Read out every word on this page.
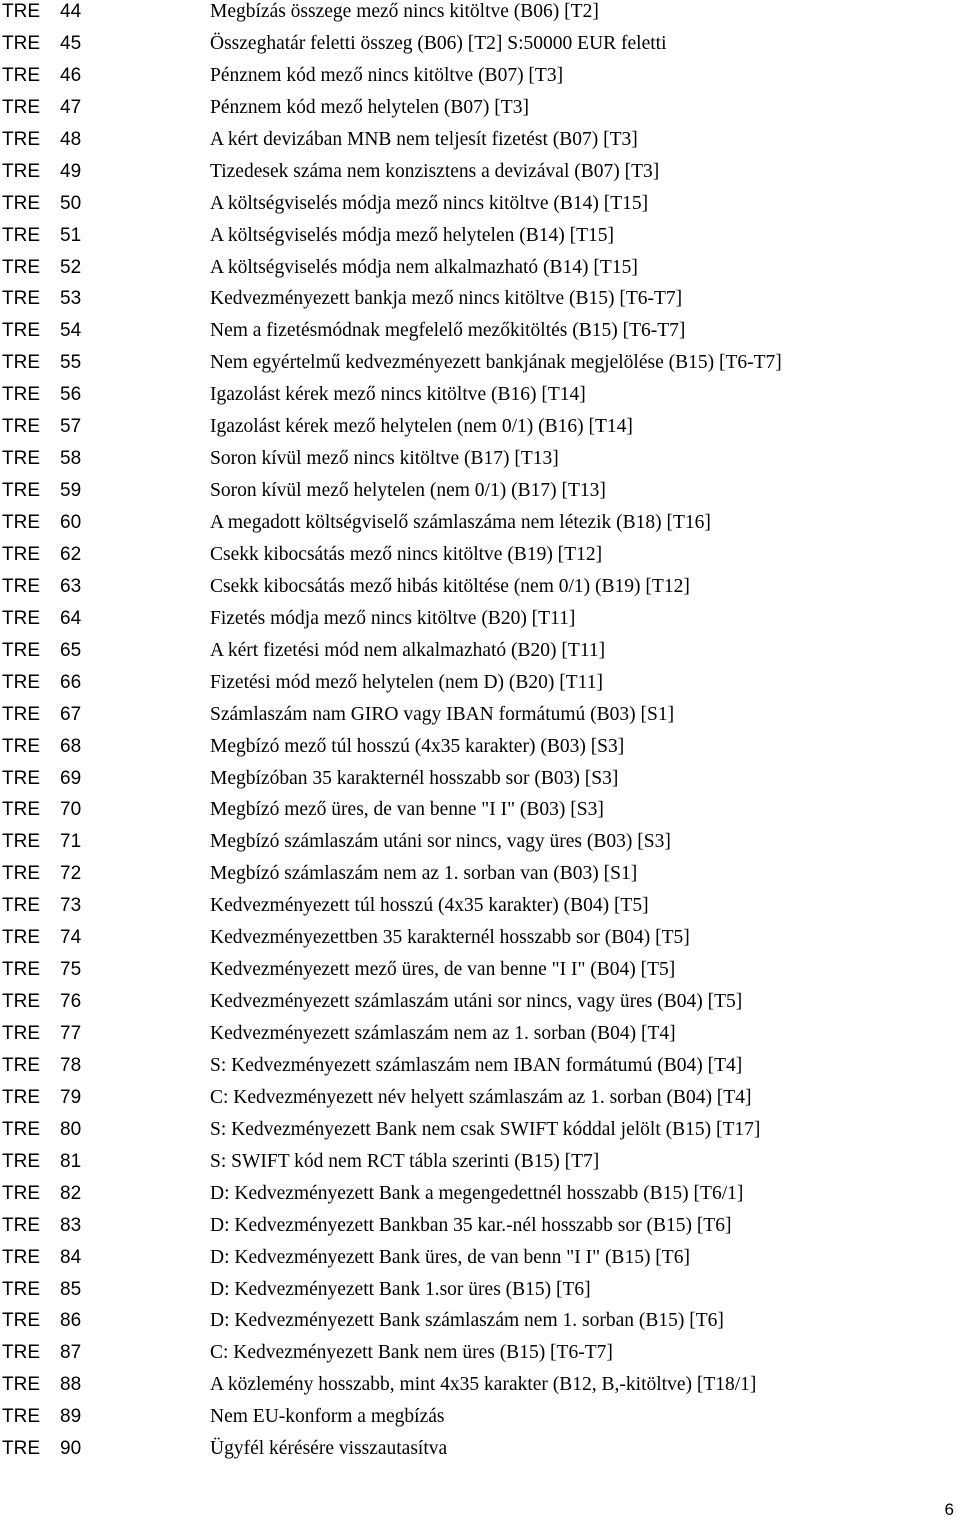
TRE 44	Megbízás összege mező nincs kitöltve (B06) [T2]
TRE 45	Összeghatár feletti összeg (B06) [T2] S:50000 EUR feletti
TRE 46	Pénznem kód mező nincs kitöltve (B07) [T3]
TRE 47	Pénznem kód mező helytelen (B07) [T3]
TRE 48	A kért devizában MNB nem teljesít fizetést (B07) [T3]
TRE 49	Tizedesek száma nem konzisztens a devizával (B07) [T3]
TRE 50	A költségviselés módja mező nincs kitöltve (B14) [T15]
TRE 51	A költségviselés módja mező helytelen (B14) [T15]
TRE 52	A költségviselés módja nem alkalmazható (B14) [T15]
TRE 53	Kedvezményezett bankja mező nincs kitöltve (B15) [T6-T7]
TRE 54	Nem a fizetésmódnak megfelelő mezőkitöltés (B15) [T6-T7]
TRE 55	Nem egyértelmű kedvezményezett bankjának megjelölése (B15) [T6-T7]
TRE 56	Igazolást kérek mező nincs kitöltve (B16) [T14]
TRE 57	Igazolást kérek mező helytelen (nem 0/1) (B16) [T14]
TRE 58	Soron kívül mező nincs kitöltve (B17) [T13]
TRE 59	Soron kívül mező helytelen (nem 0/1) (B17) [T13]
TRE 60	A megadott költségviselő számlaszáma nem létezik (B18) [T16]
TRE 62	Csekk kibocsátás mező nincs kitöltve (B19) [T12]
TRE 63	Csekk kibocsátás mező hibás kitöltése (nem 0/1) (B19) [T12]
TRE 64	Fizetés módja mező nincs kitöltve (B20) [T11]
TRE 65	A kért fizetési mód nem alkalmazható (B20) [T11]
TRE 66	Fizetési mód mező helytelen (nem D) (B20) [T11]
TRE 67	Számlaszám nam GIRO vagy IBAN formátumú (B03) [S1]
TRE 68	Megbízó mező túl hosszú (4x35 karakter) (B03) [S3]
TRE 69	Megbízóban 35 karakternél hosszabb sor (B03) [S3]
TRE 70	Megbízó mező üres, de van benne "I I" (B03) [S3]
TRE 71	Megbízó számlaszám utáni sor nincs, vagy üres (B03) [S3]
TRE 72	Megbízó számlaszám nem az 1. sorban van (B03) [S1]
TRE 73	Kedvezményezett túl hosszú (4x35 karakter) (B04) [T5]
TRE 74	Kedvezményezettben 35 karakternél hosszabb sor (B04) [T5]
TRE 75	Kedvezményezett mező üres, de van benne "I I" (B04) [T5]
TRE 76	Kedvezményezett számlaszám utáni sor nincs, vagy üres (B04) [T5]
TRE 77	Kedvezményezett számlaszám nem az 1. sorban (B04) [T4]
TRE 78	S: Kedvezményezett számlaszám nem IBAN formátumú (B04) [T4]
TRE 79	C: Kedvezményezett név helyett számlaszám az 1. sorban (B04) [T4]
TRE 80	S: Kedvezményezett Bank nem csak SWIFT kóddal jelölt (B15) [T17]
TRE 81	S: SWIFT kód nem RCT tábla szerinti (B15) [T7]
TRE 82	D: Kedvezményezett Bank a megengedettnél hosszabb (B15) [T6/1]
TRE 83	D: Kedvezményezett Bankban 35 kar.-nél hosszabb sor (B15) [T6]
TRE 84	D: Kedvezményezett Bank üres, de van benn "I I" (B15) [T6]
TRE 85	D: Kedvezményezett Bank 1.sor üres (B15) [T6]
TRE 86	D: Kedvezményezett Bank számlaszám nem 1. sorban (B15) [T6]
TRE 87	C: Kedvezményezett Bank nem üres (B15) [T6-T7]
TRE 88	A közlemény hosszabb, mint 4x35 karakter (B12, B,-kitöltve) [T18/1]
TRE 89	Nem EU-konform a megbízás
TRE 90	Ügyfél kérésére visszautasítva
6
